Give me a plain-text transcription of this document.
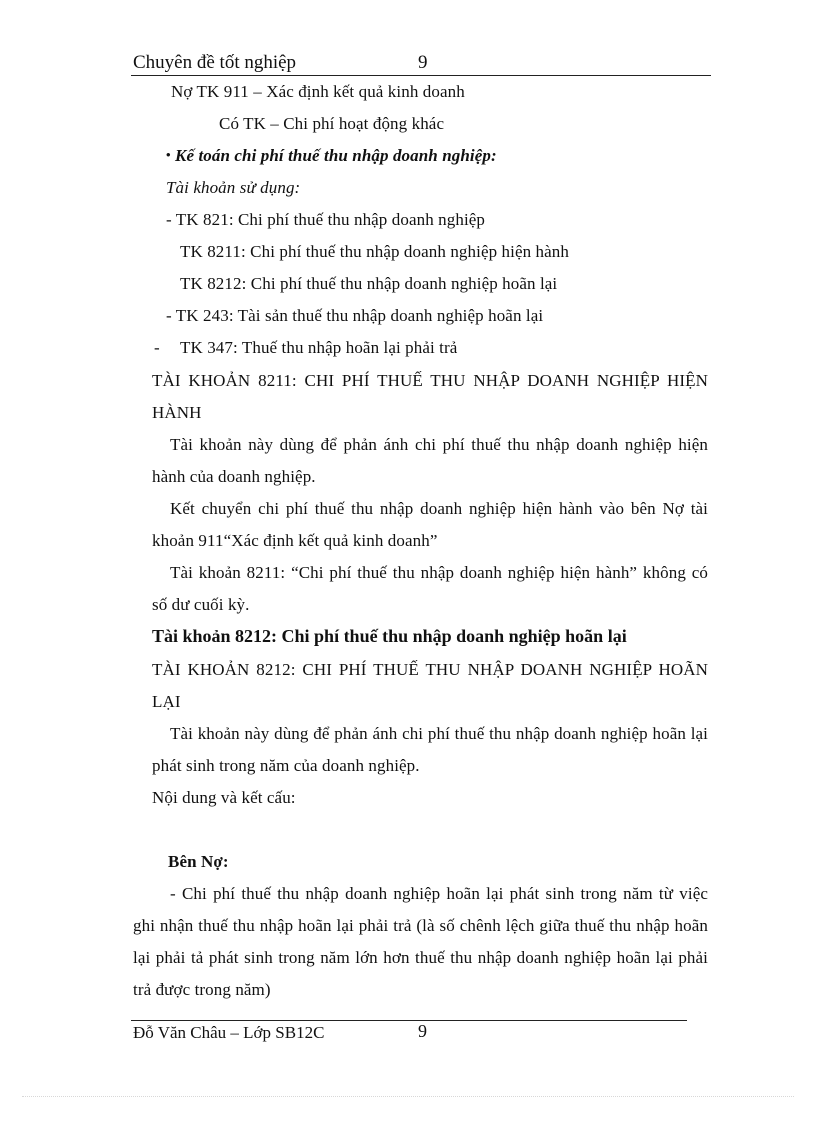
Chuyên đề tốt nghiệp	9
Nợ TK 911 – Xác định kết quả kinh doanh
Có TK – Chi phí hoạt động khác
• Kế toán chi phí thuế thu nhập doanh nghiệp:
Tài khoản sử dụng:
- TK 821: Chi phí thuế thu nhập doanh nghiệp
TK 8211: Chi phí thuế thu nhập doanh nghiệp hiện hành
TK 8212: Chi phí thuế thu nhập doanh nghiệp hoãn lại
- TK 243: Tài sản thuế thu nhập doanh nghiệp hoãn lại
- TK 347: Thuế thu nhập hoãn lại phải trả
TÀI KHOẢN 8211: CHI PHÍ THUẾ THU NHẬP DOANH NGHIỆP HIỆN
HÀNH
Tài khoản này dùng để phản ánh chi phí thuế thu nhập doanh nghiệp hiện
hành của doanh nghiệp.
Kết chuyển chi phí thuế thu nhập doanh nghiệp hiện hành vào bên Nợ tài
khoản 911“Xác định kết quả kinh doanh”
Tài khoản 8211: “Chi phí thuế thu nhập doanh nghiệp hiện hành” không có
số dư cuối kỳ.
Tài khoản 8212: Chi phí thuế thu nhập doanh nghiệp hoãn lại
TÀI KHOẢN 8212: CHI PHÍ THUẾ THU NHẬP DOANH NGHIỆP HOÃN
LẠI
Tài khoản này dùng để phản ánh chi phí thuế thu nhập doanh nghiệp hoãn lại
phát sinh trong năm của doanh nghiệp.
Nội dung và kết cấu:
Bên Nợ:
- Chi phí thuế thu nhập doanh nghiệp hoãn lại phát sinh trong năm từ việc
ghi nhận thuế thu nhập hoãn lại phải trả (là số chênh lệch giữa thuế thu nhập hoãn
lại phải tả phát sinh trong năm lớn hơn thuế thu nhập doanh nghiệp hoãn lại phải
trả được trong năm)
Đỗ Văn Châu – Lớp SB12C	9
